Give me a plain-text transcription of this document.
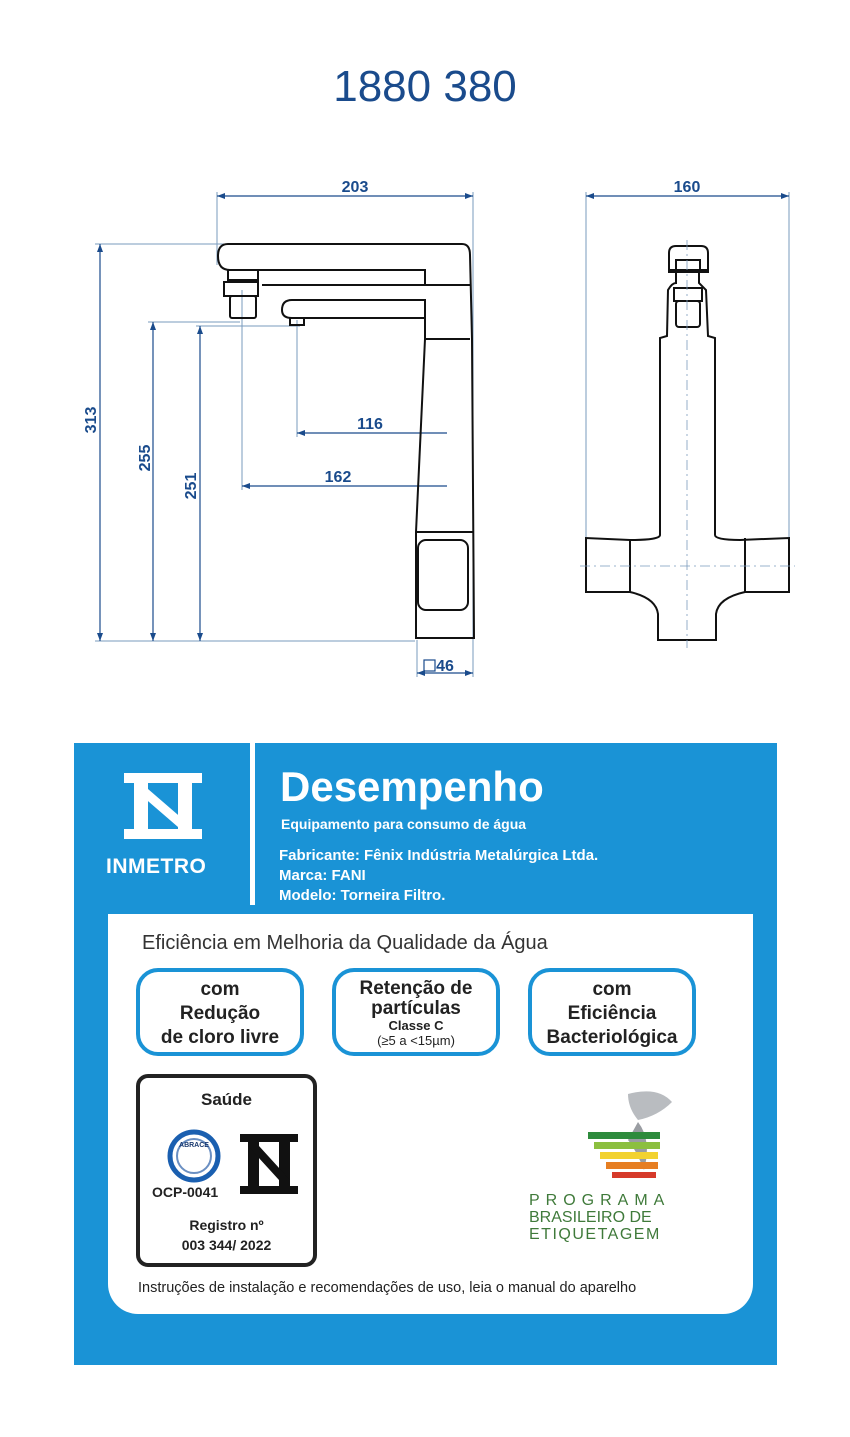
1880 380
203
116
162
46
160
313
255
251
INMETRO
Desempenho
Equipamento para consumo de água
Fabricante: Fênix Indústria Metalúrgica Ltda.
Marca: FANI
Modelo: Torneira Filtro.
Eficiência em Melhoria da Qualidade da Água
com
Redução
de cloro livre
Retenção de
partículas
Classe C
(≥5 a <15µm)
com
Eficiência
Bacteriológica
Saúde
ABRACE
OCP-0041
Registro nº
003 344/ 2022
PROGRAMA
BRASILEIRO DE
ETIQUETAGEM
Instruções de instalação e recomendações de uso, leia o manual do aparelho
